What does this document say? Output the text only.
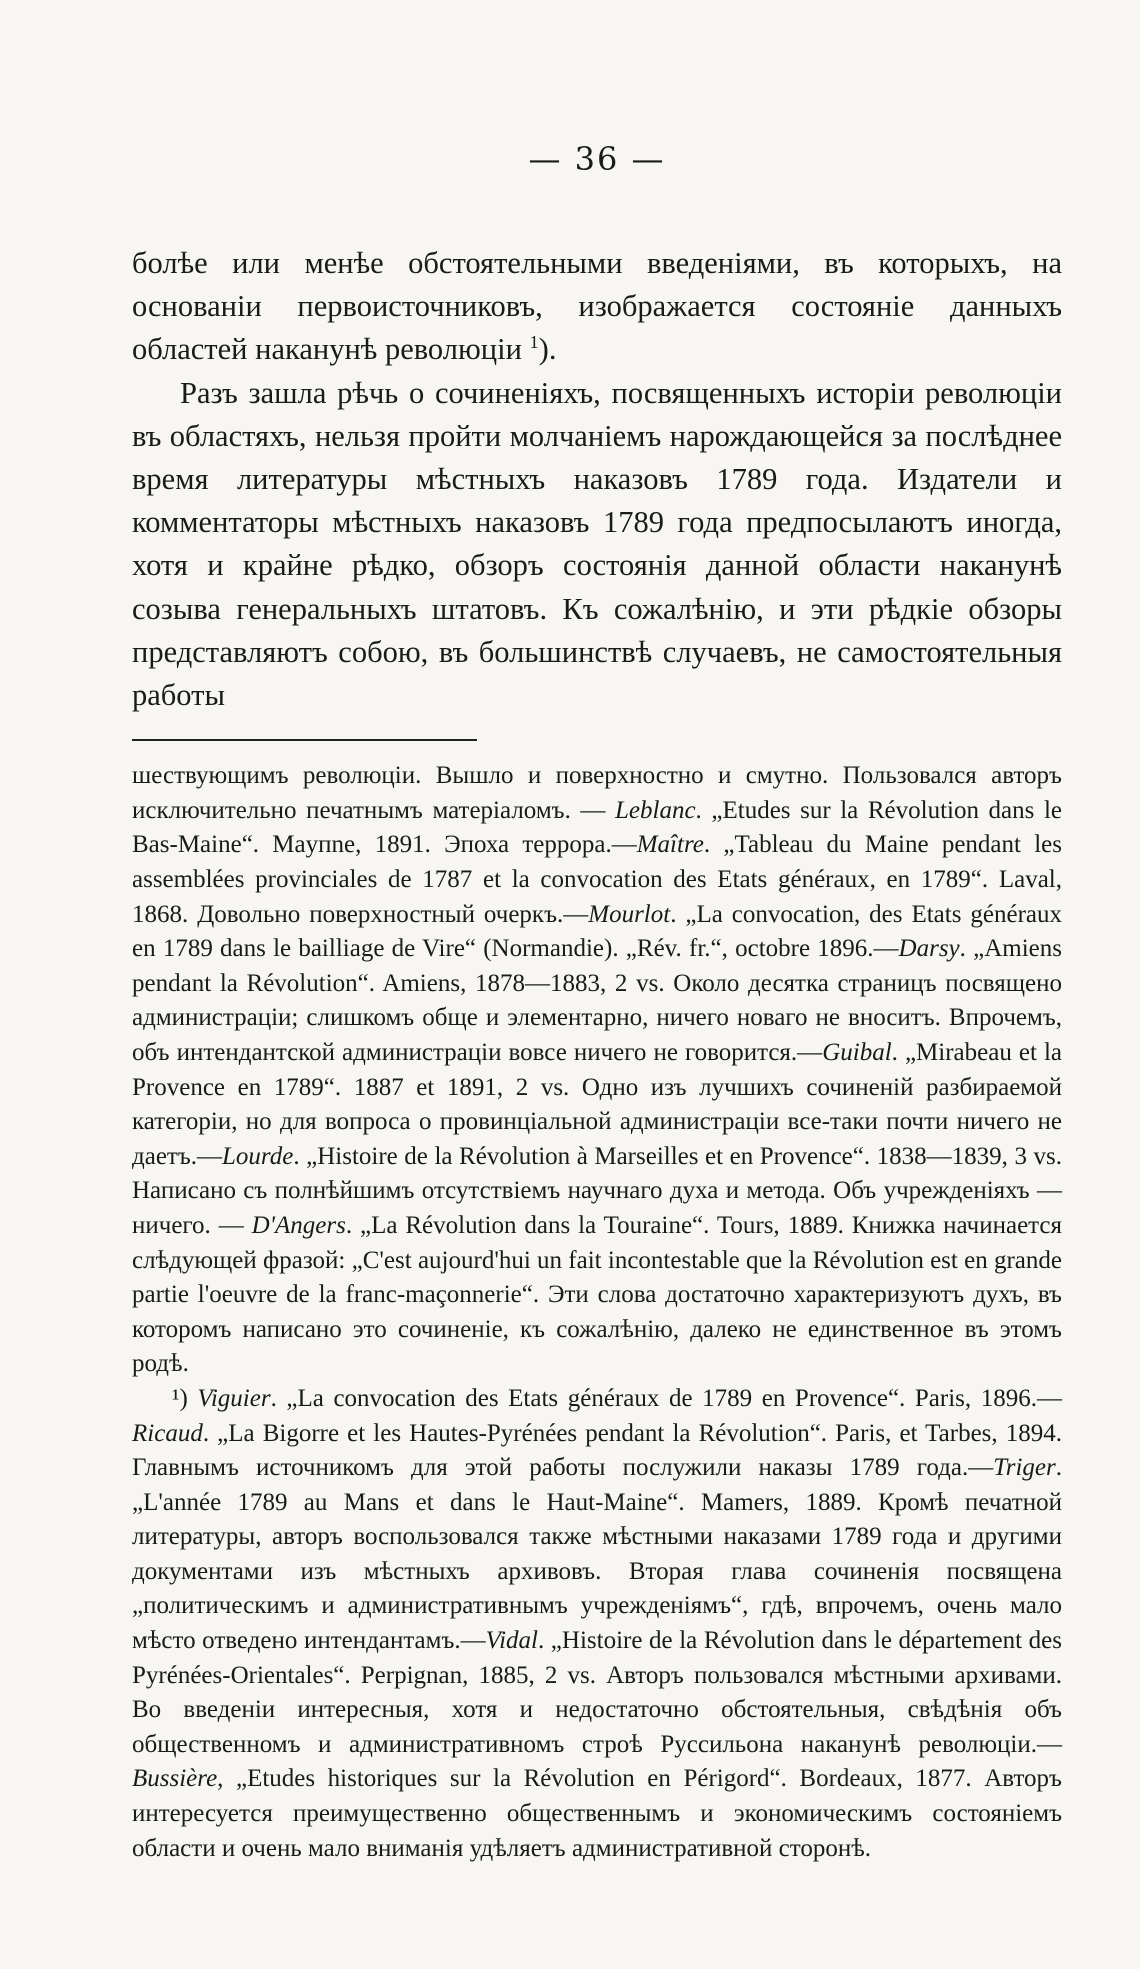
— 36 —

болѣе или менѣе обстоятельными введеніями, въ которыхъ, на основаніи первоисточниковъ, изображается состояніе данныхъ областей наканунѣ революціи $^1$).

Разъ зашла рѣчь о сочиненіяхъ, посвященныхъ исторіи революціи въ областяхъ, нельзя пройти молчаніемъ нарождающейся за послѣднее время литературы мѣстныхъ наказовъ 1789 года. Издатели и комментаторы мѣстныхъ наказовъ 1789 года предпосылаютъ иногда, хотя и крайне рѣдко, обзоръ состоянія данной области наканунѣ созыва генеральныхъ штатовъ. Къ сожалѣнію, и эти рѣдкіе обзоры представляютъ собою, въ большинствѣ случаевъ, не самостоятельныя работы

шествующимъ революціи. Вышло и поверхностно и смутно. Пользовался авторъ исключительно печатнымъ матеріаломъ. — Leblanc. „Etudes sur la Révolution dans le Bas-Maine“. Mayпne, 1891. Эпоха террора.—Maître. „Tableau du Maine pendant les assemblées provinciales de 1787 et la convocation des Etats généraux, en 1789“. Laval, 1868. Довольно поверхностный очеркъ.—Mourlot. „La convocation, des Etats généraux en 1789 dans le bailliage de Vire“ (Normandie). „Rév. fr.“, octobre 1896.—Darsy. „Amiens pendant la Révolution“. Amiens, 1878—1883, 2 vs. Около десятка страницъ посвящено администраціи; слишкомъ обще и элементарно, ничего новаго не вноситъ. Впрочемъ, объ интендантской администраціи вовсе ничего не говорится.—Guibal. „Mirabeau et la Provence en 1789“. 1887 et 1891, 2 vs. Одно изъ лучшихъ сочиненій разбираемой категоріи, но для вопроса о провинціальной администраціи все-таки почти ничего не даетъ.—Lourde. „Histoire de la Révolution à Marseilles et en Provence“. 1838—1839, 3 vs. Написано съ полнѣйшимъ отсутствіемъ научнаго духа и метода. Объ учрежденіяхъ — ничего. — D'Angers. „La Révolution dans la Touraine“. Tours, 1889. Книжка начинается слѣдующей фразой: „C'est aujourd'hui un fait incontestable que la Révolution est en grande partie l'oeuvre de la franc-maçonnerie“. Эти слова достаточно характеризуютъ духъ, въ которомъ написано это сочиненіе, къ сожалѣнію, далеко не единственное въ этомъ родѣ.

¹) Viguier. „La convocation des Etats généraux de 1789 en Provence“. Paris, 1896.—Ricaud. „La Bigorre et les Hautes-Pyrénées pendant la Révolution“. Paris, et Tarbes, 1894. Главнымъ источникомъ для этой работы послужили наказы 1789 года.—Triger. „L'année 1789 au Mans et dans le Haut-Maine“. Mamers, 1889. Кромѣ печатной литературы, авторъ воспользовался также мѣстными наказами 1789 года и другими документами изъ мѣстныхъ архивовъ. Вторая глава сочиненія посвящена „политическимъ и административнымъ учрежденіямъ“, гдѣ, впрочемъ, очень мало мѣсто отведено интендантамъ.—Vidal. „Histoire de la Révolution dans le département des Pyrénées-Orientales“. Perpignan, 1885, 2 vs. Авторъ пользовался мѣстными архивами. Во введеніи интересныя, хотя и недостаточно обстоятельныя, свѣдѣнія объ общественномъ и административномъ строѣ Руссильона наканунѣ революціи.—Bussière, „Etudes historiques sur la Révolution en Périgord“. Bordeaux, 1877. Авторъ интересуется преимущественно общественнымъ и экономическимъ состояніемъ области и очень мало вниманія удѣляетъ административной сторонѣ.
